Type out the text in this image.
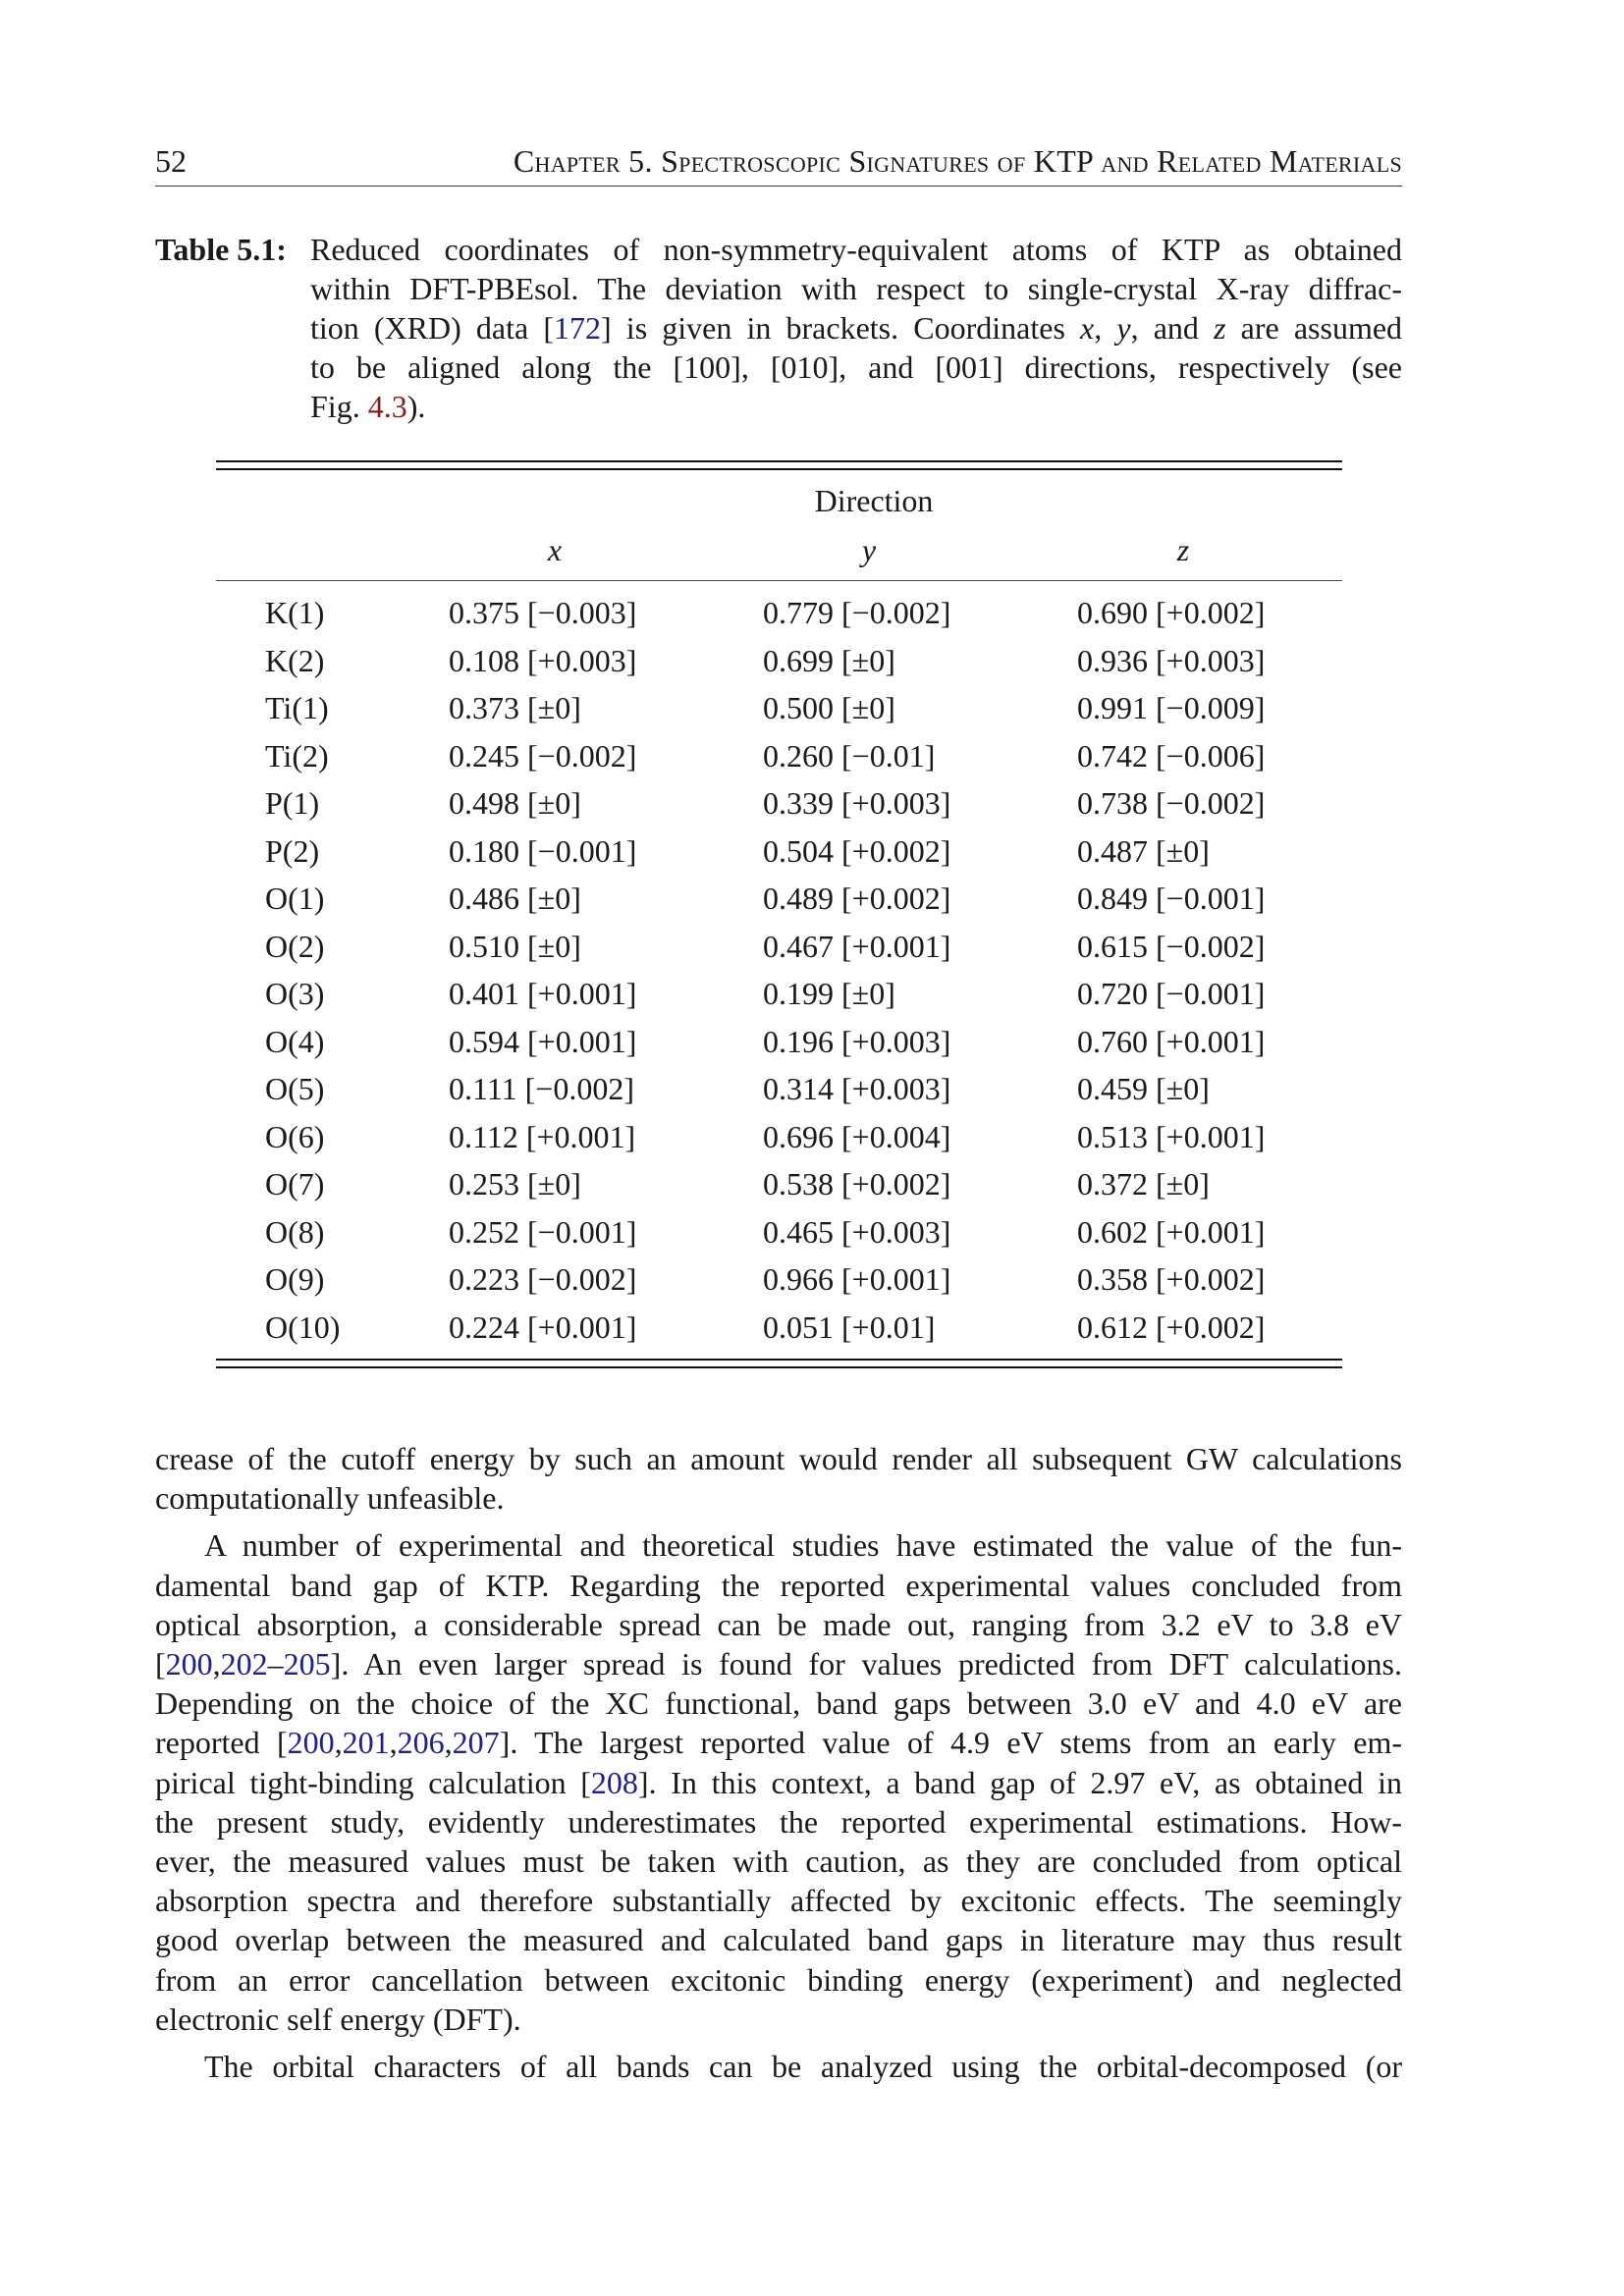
52	Chapter 5. Spectroscopic Signatures of KTP and Related Materials
Table 5.1: Reduced coordinates of non-symmetry-equivalent atoms of KTP as obtained
within DFT-PBEsol. The deviation with respect to single-crystal X-ray diffrac-
tion (XRD) data [172] is given in brackets. Coordinates x, y, and z are assumed
to be aligned along the [100], [010], and [001] directions, respectively (see
Fig. 4.3).
Direction
x	y	z
K(1)	0.375 [−0.003]	0.779 [−0.002]	0.690 [+0.002]
K(2)	0.108 [+0.003]	0.699 [±0]	0.936 [+0.003]
Ti(1)	0.373 [±0]	0.500 [±0]	0.991 [−0.009]
Ti(2)	0.245 [−0.002]	0.260 [−0.01]	0.742 [−0.006]
P(1)	0.498 [±0]	0.339 [+0.003]	0.738 [−0.002]
P(2)	0.180 [−0.001]	0.504 [+0.002]	0.487 [±0]
O(1)	0.486 [±0]	0.489 [+0.002]	0.849 [−0.001]
O(2)	0.510 [±0]	0.467 [+0.001]	0.615 [−0.002]
O(3)	0.401 [+0.001]	0.199 [±0]	0.720 [−0.001]
O(4)	0.594 [+0.001]	0.196 [+0.003]	0.760 [+0.001]
O(5)	0.111 [−0.002]	0.314 [+0.003]	0.459 [±0]
O(6)	0.112 [+0.001]	0.696 [+0.004]	0.513 [+0.001]
O(7)	0.253 [±0]	0.538 [+0.002]	0.372 [±0]
O(8)	0.252 [−0.001]	0.465 [+0.003]	0.602 [+0.001]
O(9)	0.223 [−0.002]	0.966 [+0.001]	0.358 [+0.002]
O(10)	0.224 [+0.001]	0.051 [+0.01]	0.612 [+0.002]
crease of the cutoff energy by such an amount would render all subsequent GW calculations
computationally unfeasible.
A number of experimental and theoretical studies have estimated the value of the fun-
damental band gap of KTP. Regarding the reported experimental values concluded from
optical absorption, a considerable spread can be made out, ranging from 3.2 eV to 3.8 eV
[200,202–205]. An even larger spread is found for values predicted from DFT calculations.
Depending on the choice of the XC functional, band gaps between 3.0 eV and 4.0 eV are
reported [200,201,206,207]. The largest reported value of 4.9 eV stems from an early em-
pirical tight-binding calculation [208]. In this context, a band gap of 2.97 eV, as obtained in
the present study, evidently underestimates the reported experimental estimations. How-
ever, the measured values must be taken with caution, as they are concluded from optical
absorption spectra and therefore substantially affected by excitonic effects. The seemingly
good overlap between the measured and calculated band gaps in literature may thus result
from an error cancellation between excitonic binding energy (experiment) and neglected
electronic self energy (DFT).
The orbital characters of all bands can be analyzed using the orbital-decomposed (or
